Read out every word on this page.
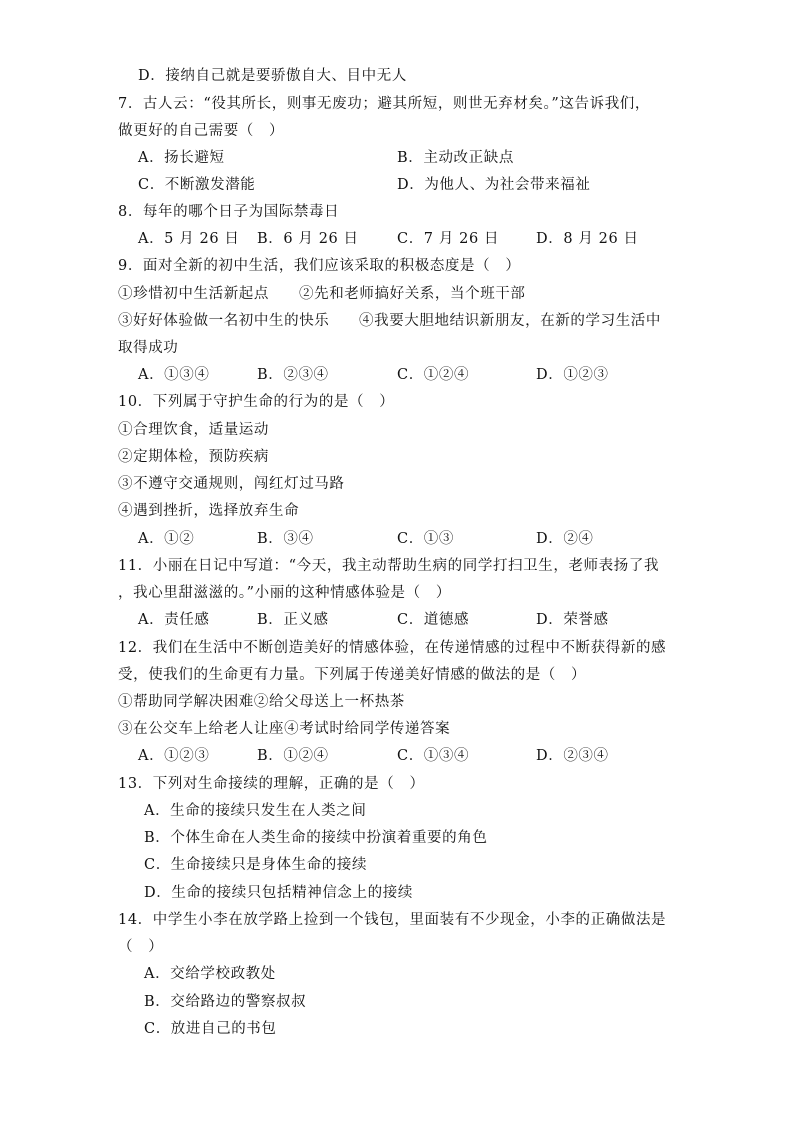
D．接纳自己就是要骄傲自大、目中无人
7．古人云：“役其所长，则事无废功；避其所短，则世无弃材矣。”这告诉我们，
做更好的自己需要（　）
A．扬长避短	B．主动改正缺点
C．不断激发潜能	D．为他人、为社会带来福祉
8．每年的哪个日子为国际禁毒日
A．5 月 26 日 B．6 月 26 日	C．7 月 26 日	D．8 月 26 日
9．面对全新的初中生活，我们应该采取的积极态度是（　）
①珍惜初中生活新起点 ②先和老师搞好关系，当个班干部
③好好体验做一名初中生的快乐 ④我要大胆地结识新朋友，在新的学习生活中
取得成功
A．①③④	B．②③④	C．①②④	D．①②③
10．下列属于守护生命的行为的是（　）
①合理饮食，适量运动
②定期体检，预防疾病
③不遵守交通规则，闯红灯过马路
④遇到挫折，选择放弃生命
A．①②	B．③④	C．①③	D．②④
11．小丽在日记中写道：“今天，我主动帮助生病的同学打扫卫生，老师表扬了我
，我心里甜滋滋的。”小丽的这种情感体验是（　）
A．责任感	B．正义感	C．道德感	D．荣誉感
12．我们在生活中不断创造美好的情感体验，在传递情感的过程中不断获得新的感
受，使我们的生命更有力量。下列属于传递美好情感的做法的是（　）
①帮助同学解决困难②给父母送上一杯热茶
③在公交车上给老人让座④考试时给同学传递答案
A．①②③	B．①②④	C．①③④	D．②③④
13．下列对生命接续的理解，正确的是（　）
A．生命的接续只发生在人类之间
B．个体生命在人类生命的接续中扮演着重要的角色
C．生命接续只是身体生命的接续
D．生命的接续只包括精神信念上的接续
14．中学生小李在放学路上捡到一个钱包，里面装有不少现金，小李的正确做法是
（　）
A．交给学校政教处
B．交给路边的警察叔叔
C．放进自己的书包
